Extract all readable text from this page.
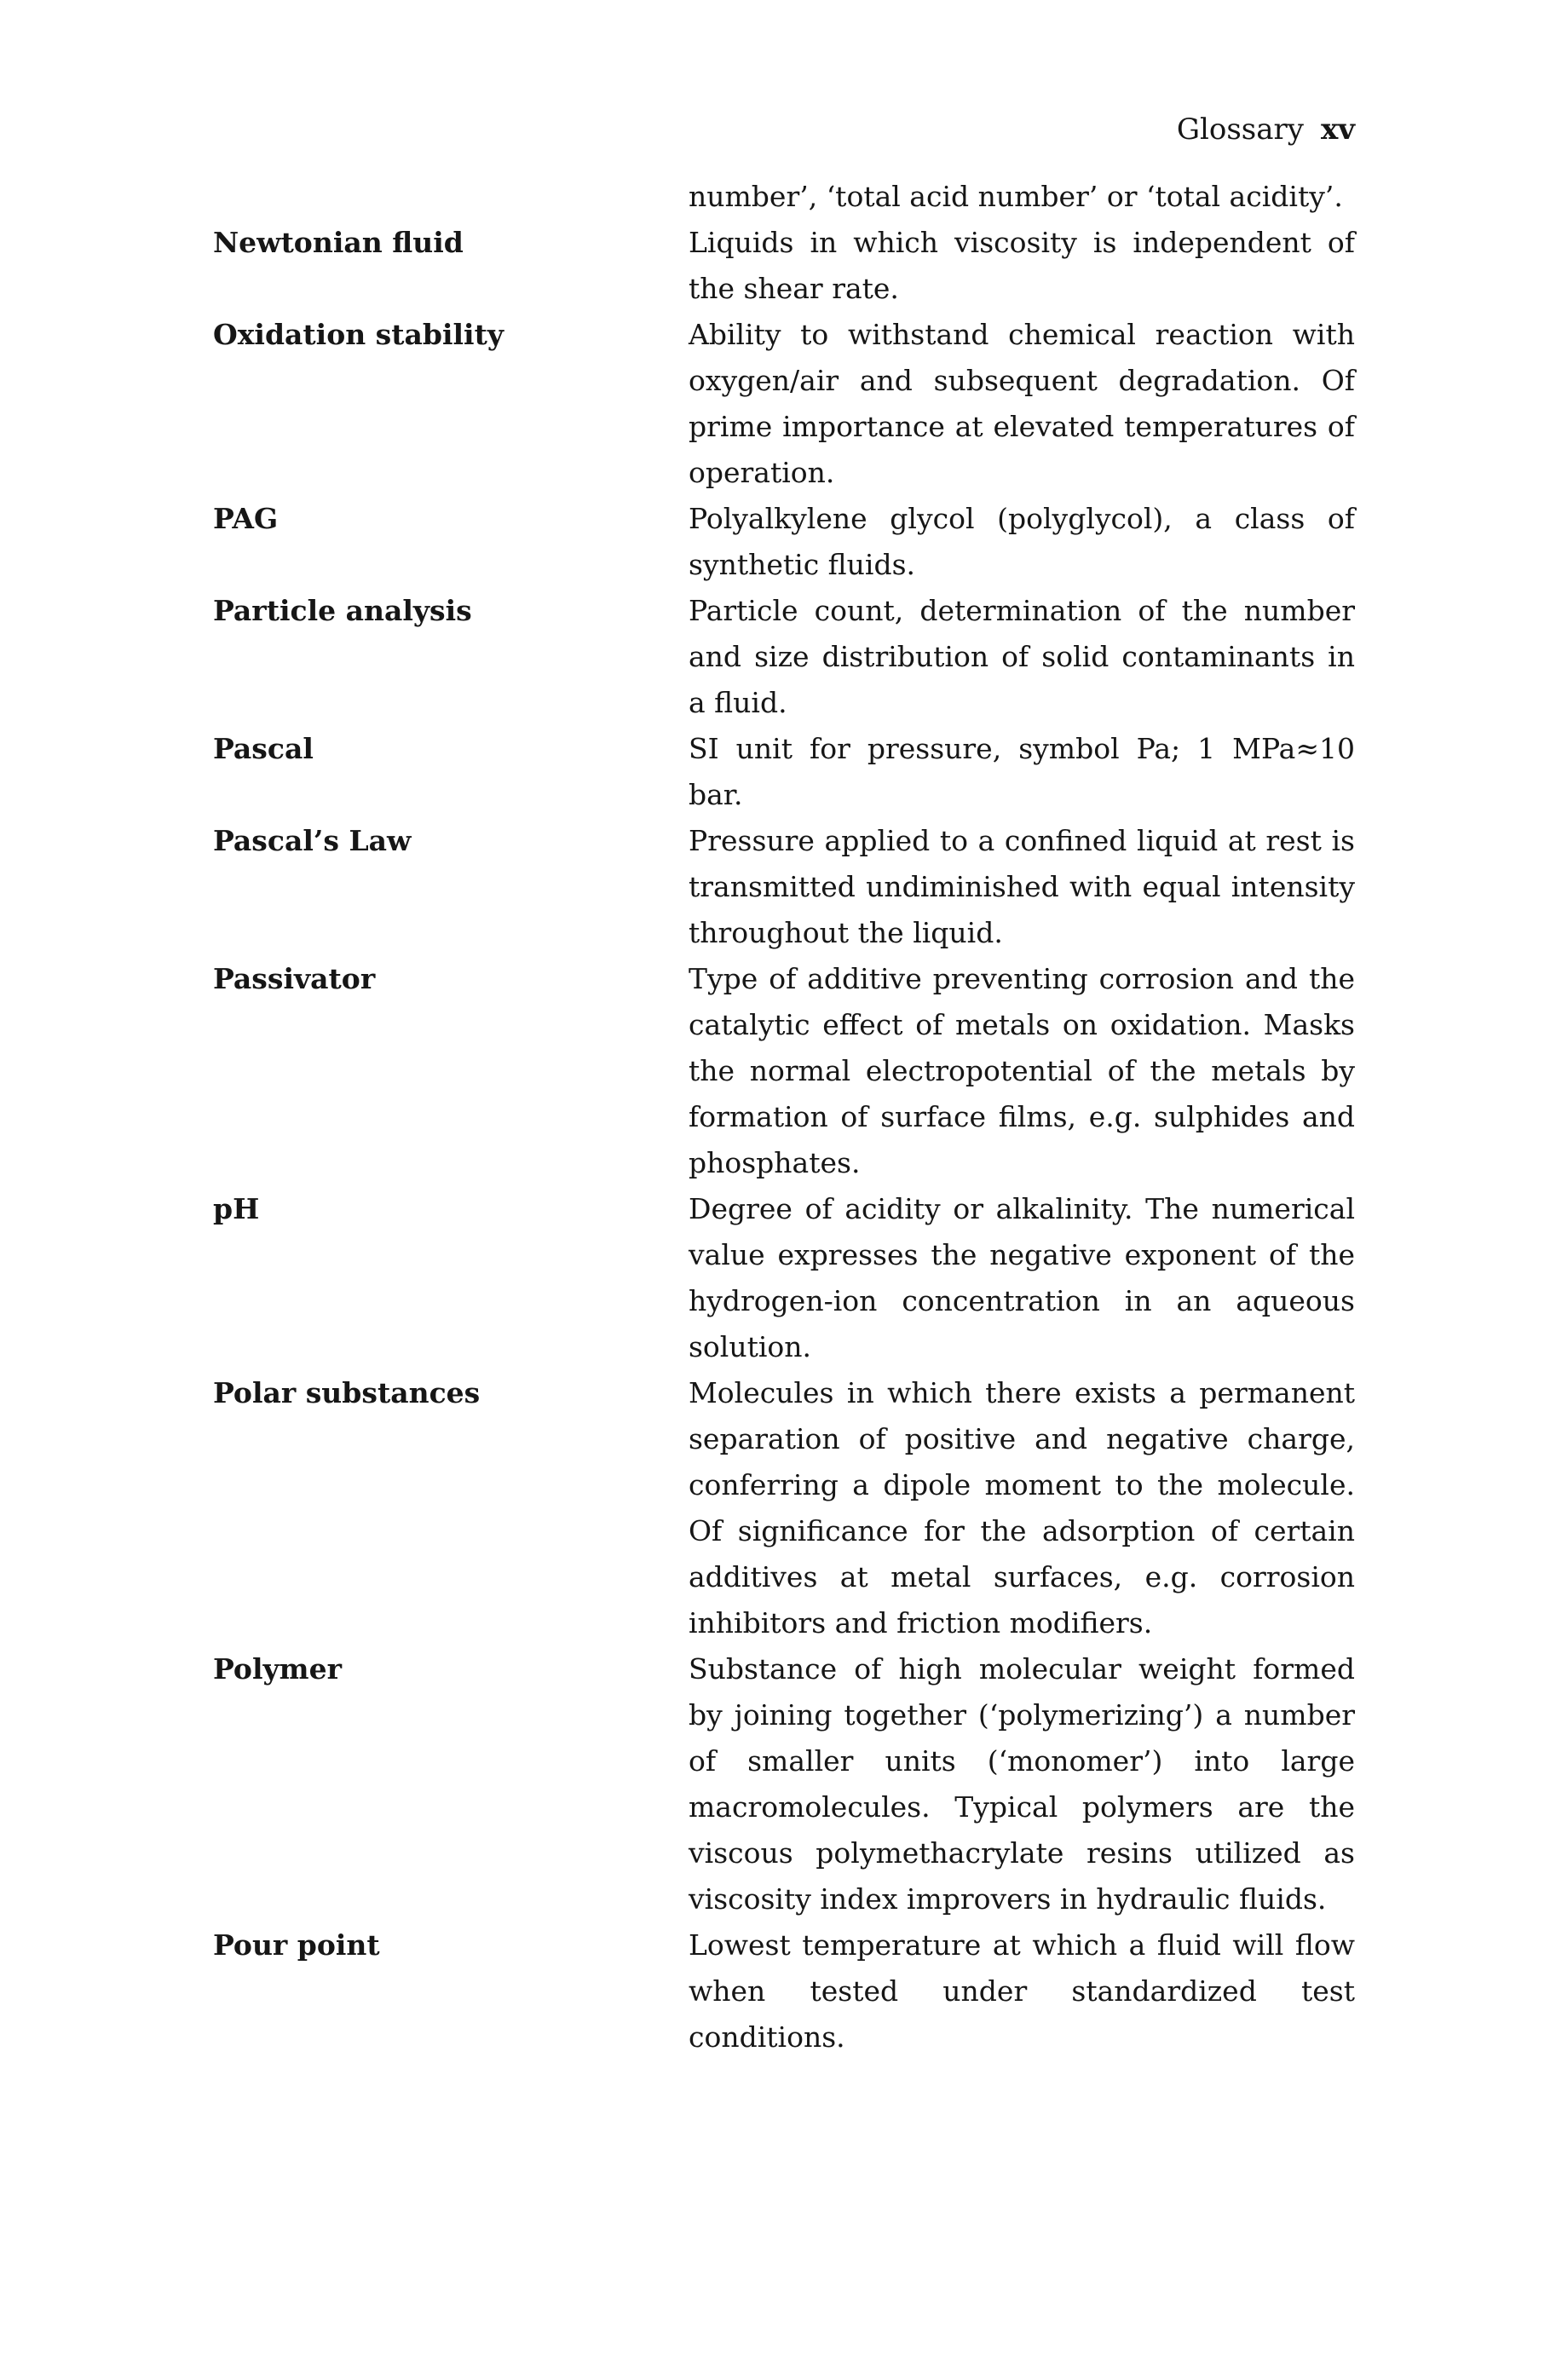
Glossary xv
number’, ‘total acid number’ or ‘total acidity’.
Newtonian fluid	Liquids in which viscosity is independent of the shear rate.
Oxidation stability	Ability to withstand chemical reaction with oxygen/air and subsequent degradation. Of prime importance at elevated temperatures of operation.
PAG	Polyalkylene glycol (polyglycol), a class of synthetic fluids.
Particle analysis	Particle count, determination of the number and size distribution of solid contaminants in a fluid.
Pascal	SI unit for pressure, symbol Pa; 1 MPa≈10 bar.
Pascal’s Law	Pressure applied to a confined liquid at rest is transmitted undiminished with equal intensity throughout the liquid.
Passivator	Type of additive preventing corrosion and the catalytic effect of metals on oxidation. Masks the normal electropotential of the metals by formation of surface films, e.g. sulphides and phosphates.
pH	Degree of acidity or alkalinity. The numerical value expresses the negative exponent of the hydrogen-ion concentration in an aqueous solution.
Polar substances	Molecules in which there exists a permanent separation of positive and negative charge, conferring a dipole moment to the molecule. Of significance for the adsorption of certain additives at metal surfaces, e.g. corrosion inhibitors and friction modifiers.
Polymer	Substance of high molecular weight formed by joining together (‘polymerizing’) a number of smaller units (‘monomer’) into large macromolecules. Typical polymers are the viscous polymethacrylate resins utilized as viscosity index improvers in hydraulic fluids.
Pour point	Lowest temperature at which a fluid will flow when tested under standardized test conditions.
